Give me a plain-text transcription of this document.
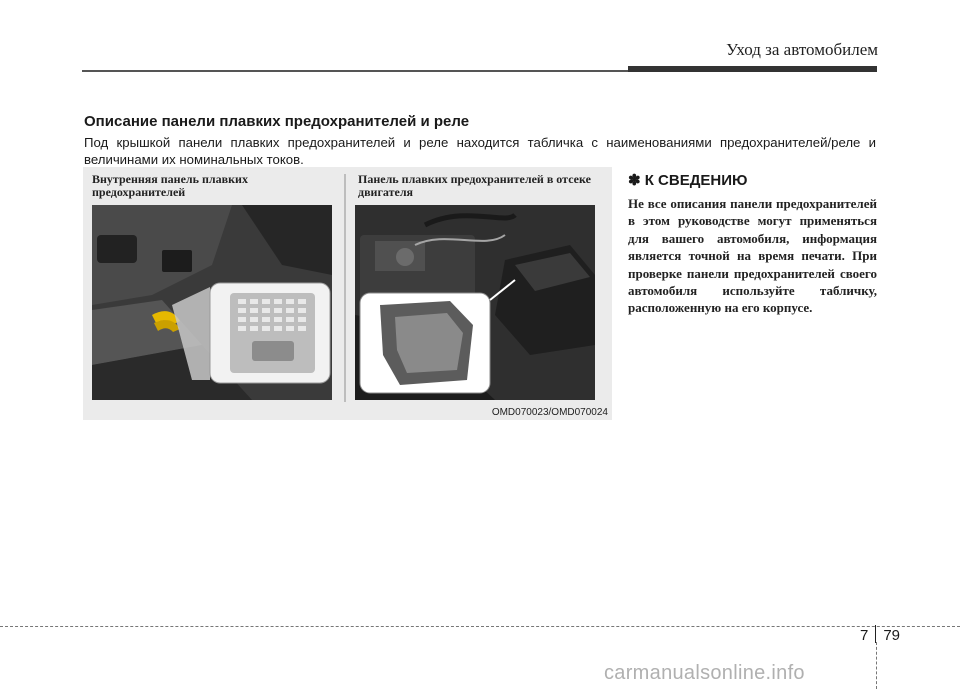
Уход за автомобилем
Описание панели плавких предохранителей и реле
Под крышкой панели плавких предохранителей и реле находится табличка с наименованиями предохранителей/реле и величинами их номинальных токов.
Внутренняя панель плавких предохранителей
Панель плавких предохранителей в отсеке двигателя
OMD070023/OMD070024
✽ К СВЕДЕНИЮ
Не все описания панели предохранителей в этом руководстве могут применяться для вашего автомобиля, информация является точной на время печати. При проверке панели предохранителей своего автомобиля используйте табличку, расположенную на его корпусе.
7 79
carmanualsonline.info
